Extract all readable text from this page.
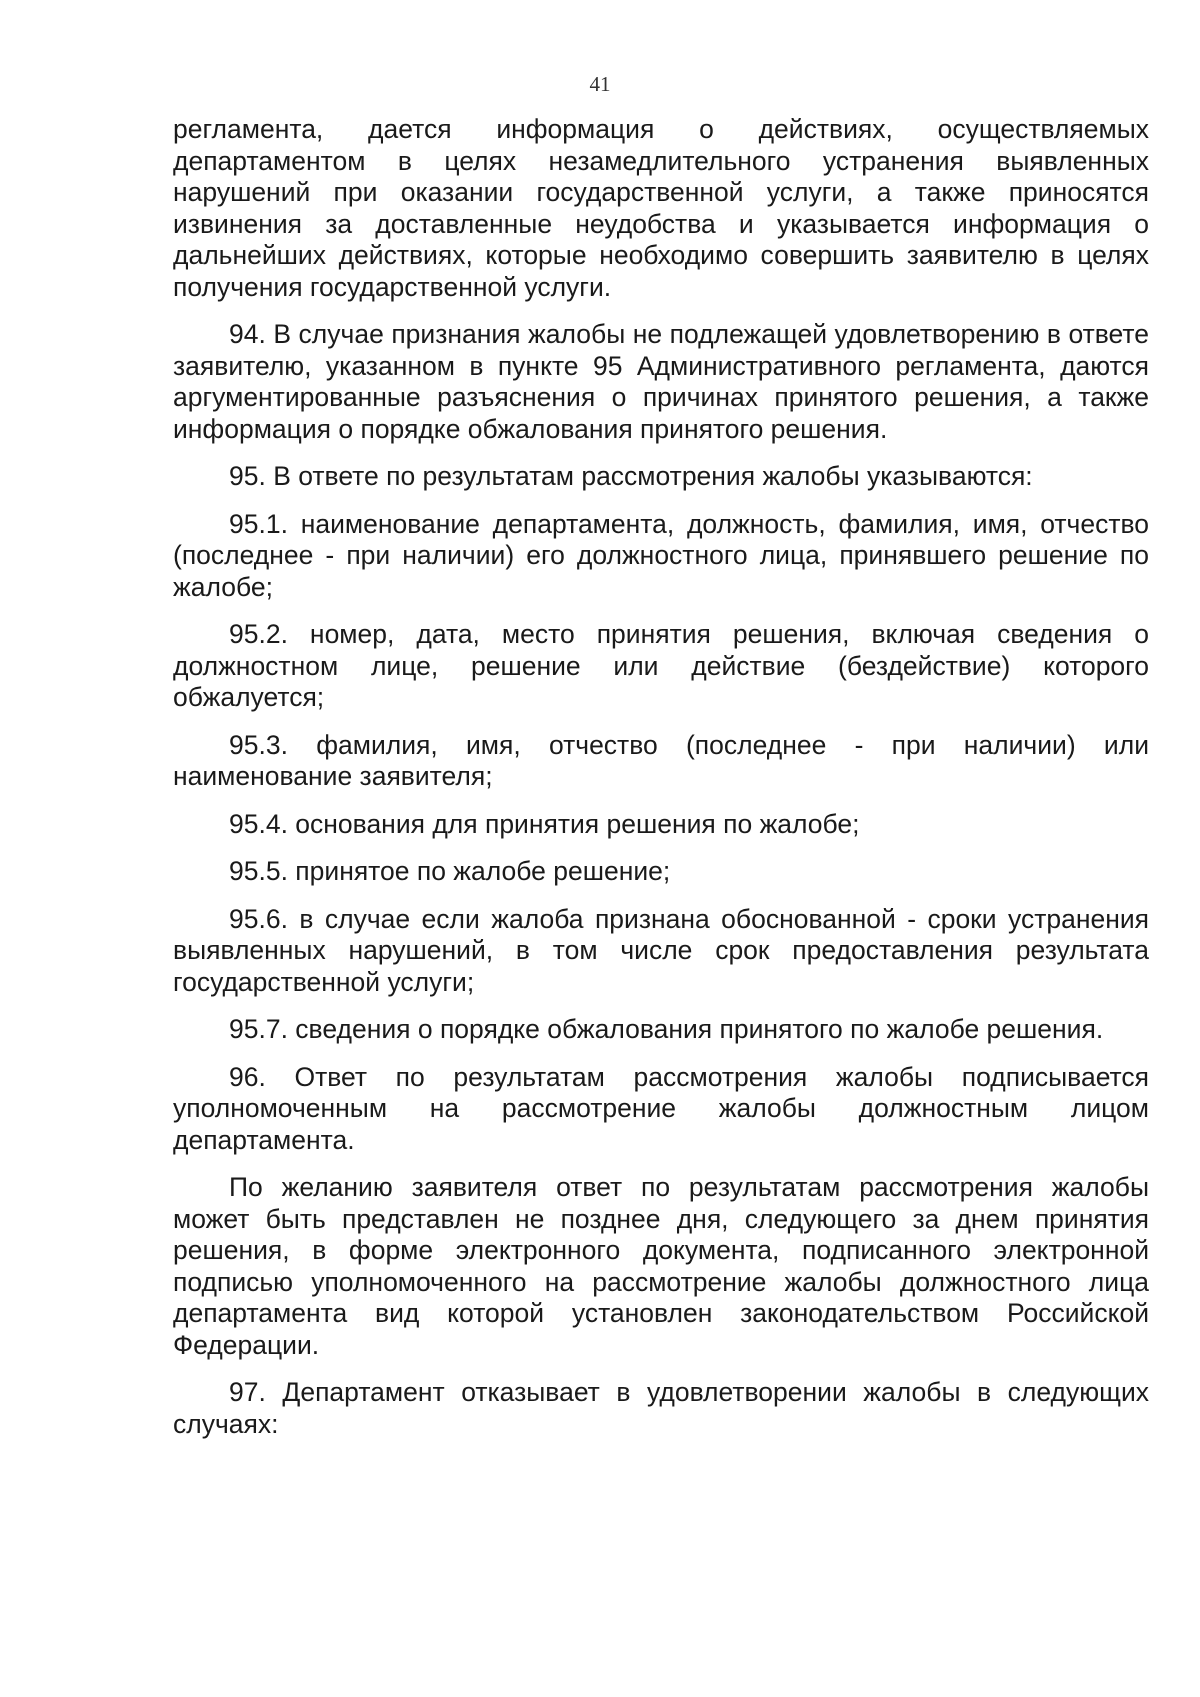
41

регламента, дается информация о действиях, осуществляемых департаментом в целях незамедлительного устранения выявленных нарушений при оказании государственной услуги, а также приносятся извинения за доставленные неудобства и указывается информация о дальнейших действиях, которые необходимо совершить заявителю в целях получения государственной услуги.

94. В случае признания жалобы не подлежащей удовлетворению в ответе заявителю, указанном в пункте 95 Административного регламента, даются аргументированные разъяснения о причинах принятого решения, а также информация о порядке обжалования принятого решения.

95. В ответе по результатам рассмотрения жалобы указываются:

95.1. наименование департамента, должность, фамилия, имя, отчество (последнее - при наличии) его должностного лица, принявшего решение по жалобе;

95.2. номер, дата, место принятия решения, включая сведения о должностном лице, решение или действие (бездействие) которого обжалуется;

95.3. фамилия, имя, отчество (последнее - при наличии) или наименование заявителя;

95.4. основания для принятия решения по жалобе;

95.5. принятое по жалобе решение;

95.6. в случае если жалоба признана обоснованной - сроки устранения выявленных нарушений, в том числе срок предоставления результата государственной услуги;

95.7. сведения о порядке обжалования принятого по жалобе решения.

96. Ответ по результатам рассмотрения жалобы подписывается уполномоченным на рассмотрение жалобы должностным лицом департамента.

По желанию заявителя ответ по результатам рассмотрения жалобы может быть представлен не позднее дня, следующего за днем принятия решения, в форме электронного документа, подписанного электронной подписью уполномоченного на рассмотрение жалобы должностного лица департамента вид которой установлен законодательством Российской Федерации.

97. Департамент отказывает в удовлетворении жалобы в следующих случаях:
